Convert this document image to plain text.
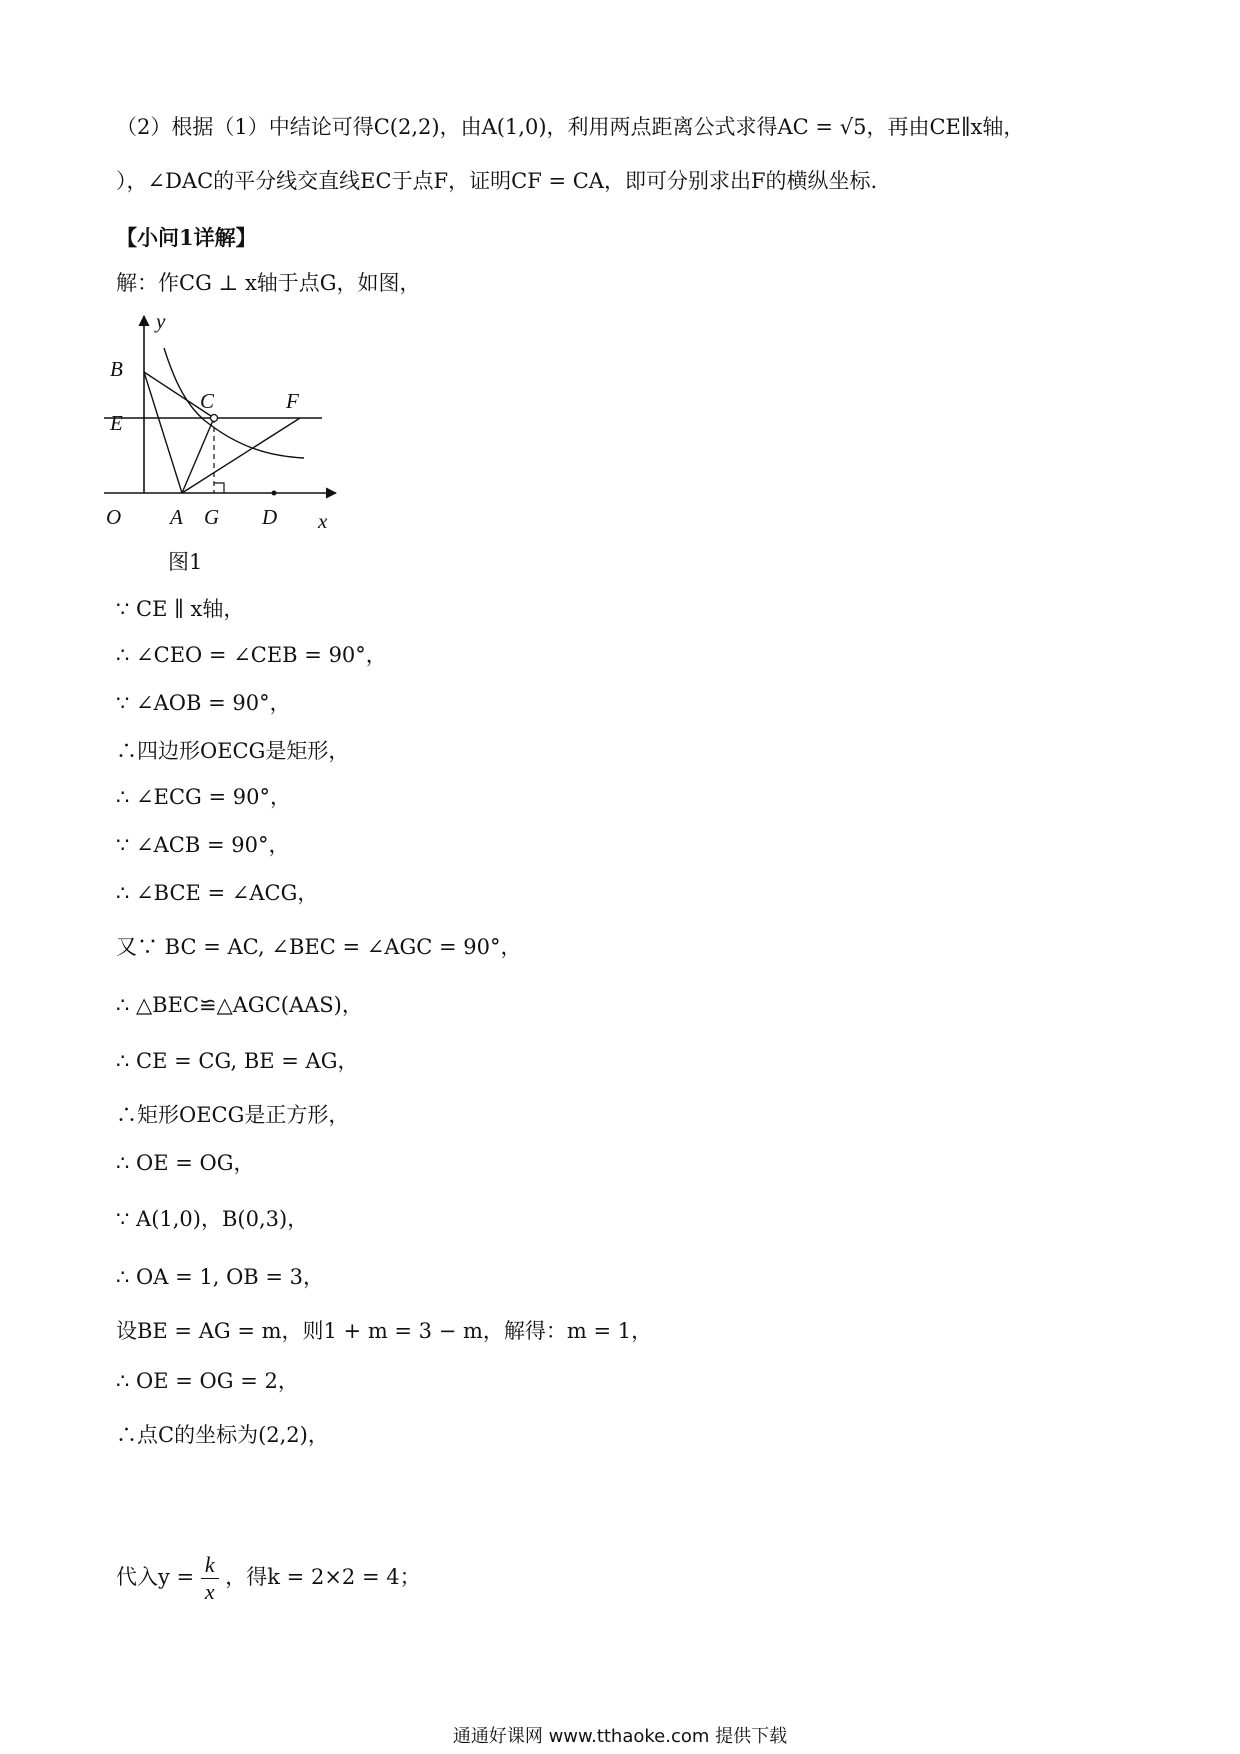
（2）根据（1）中结论可得C(2,2)，由A(1,0)，利用两点距离公式求得AC = √5，再由CE∥x轴，
），∠DAC的平分线交直线EC于点F，证明CF = CA，即可分别求出F的横纵坐标.
【小问1详解】
解：作CG ⊥ x轴于点G，如图，
y
B
C	F
E
O A G D x
图1
∵ CE ∥ x轴，
∴ ∠CEO = ∠CEB = 90°，
∵ ∠AOB = 90°，
∴四边形OECG是矩形，
∴ ∠ECG = 90°，
∵ ∠ACB = 90°，
∴ ∠BCE = ∠ACG，
又∵ BC = AC, ∠BEC = ∠AGC = 90°，
∴ △BEC≌△AGC(AAS)，
∴ CE = CG, BE = AG，
∴矩形OECG是正方形，
∴ OE = OG，
∵ A(1,0)，B(0,3)，
∴ OA = 1, OB = 3，
设BE = AG = m，则1 + m = 3 − m，解得：m = 1，
∴ OE = OG = 2，
∴点C的坐标为(2,2)，
代入$y = \frac{k}{x}$ ，得k = 2×2 = 4；
通通好课网 www.tthaoke.com 提供下载
